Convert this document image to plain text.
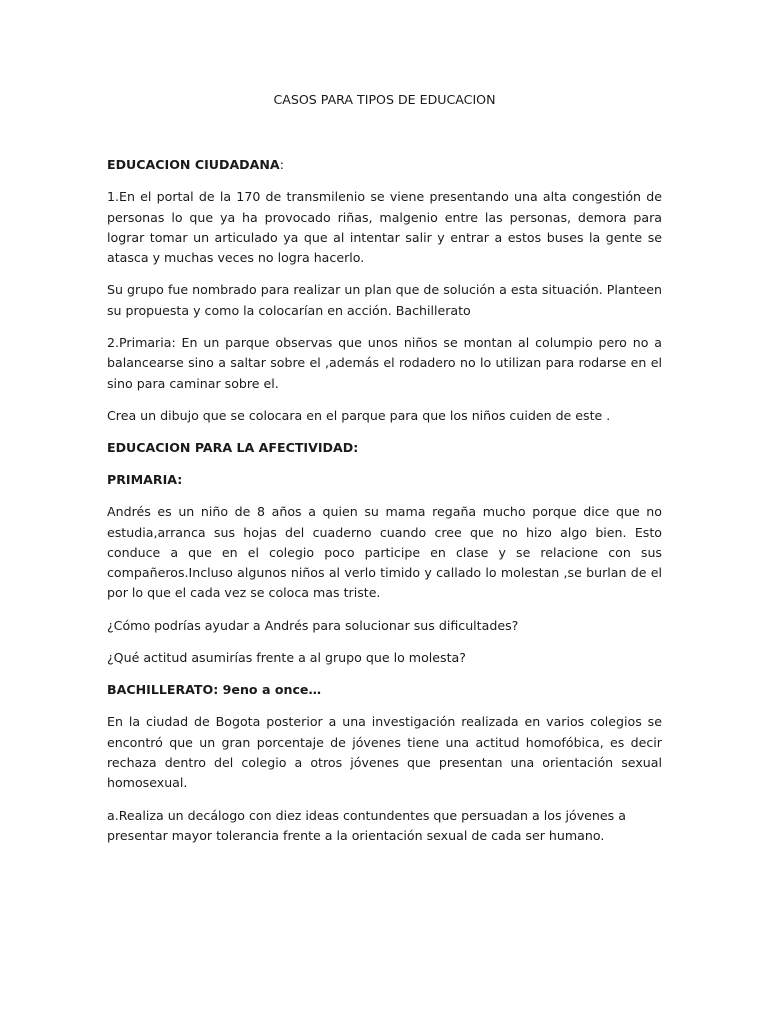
CASOS PARA TIPOS DE EDUCACION
EDUCACION CIUDADANA:

1.En el portal de la 170 de transmilenio se viene presentando una alta congestión de personas lo que ya ha provocado riñas, malgenio entre las personas, demora para lograr tomar un articulado ya que al intentar salir y entrar a estos buses la gente se atasca y muchas veces no logra hacerlo.

Su grupo fue nombrado para realizar un plan que de solución a esta situación. Planteen su propuesta y como la colocarían en acción. Bachillerato

2.Primaria: En un parque observas que unos niños se montan al columpio pero no a balancearse sino a saltar sobre el ,además el rodadero no lo utilizan para rodarse en el sino para caminar sobre el.

Crea un dibujo que se colocara en el parque para que los niños cuiden de este .

EDUCACION PARA LA AFECTIVIDAD:
PRIMARIA:

Andrés es un niño de 8 años a quien su mama regaña mucho porque dice que no estudia,arranca sus hojas del cuaderno cuando cree que no hizo algo bien. Esto conduce a que en el colegio poco participe en clase y se relacione con sus compañeros.Incluso algunos niños al verlo timido y callado lo molestan ,se burlan de el por lo que el cada vez se coloca mas triste.

¿Cómo podrías ayudar a Andrés para solucionar sus dificultades?

¿Qué actitud asumirías frente a al grupo que lo molesta?

BACHILLERATO: 9eno a once…

En la ciudad de Bogota posterior a una investigación realizada en varios colegios se encontró que un gran porcentaje de jóvenes tiene una actitud homofóbica, es decir rechaza dentro del colegio a otros jóvenes que presentan una orientación sexual homosexual.

a.Realiza un decálogo con diez ideas contundentes que persuadan a los jóvenes a presentar mayor tolerancia frente a la orientación sexual de cada ser humano.
